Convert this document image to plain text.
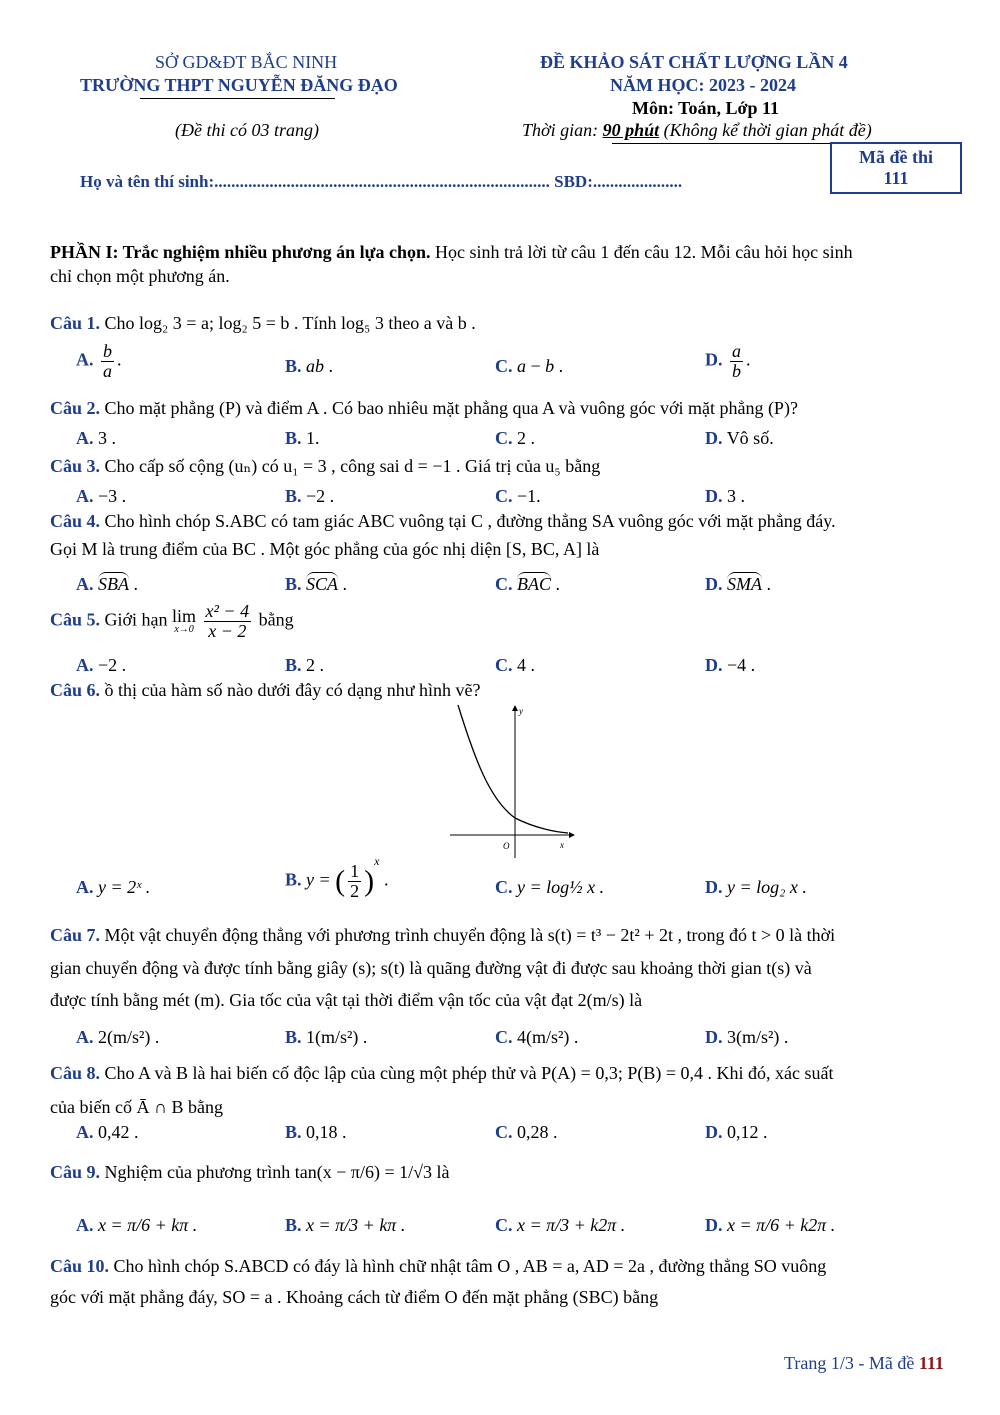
SỞ GD&ĐT BẮC NINH
TRƯỜNG THPT NGUYỄN ĐĂNG ĐẠO
(Đề thi có 03 trang)
ĐỀ KHẢO SÁT CHẤT LƯỢNG LẦN 4
NĂM HỌC: 2023 - 2024
Môn: Toán, Lớp 11
Thời gian: 90 phút (Không kể thời gian phát đề)
Họ và tên thí sinh:............................................................................... SBD:.....................
Mã đề thi
111
PHẦN I: Trắc nghiệm nhiều phương án lựa chọn. Học sinh trả lời từ câu 1 đến câu 12. Mỗi câu hỏi học sinh
chỉ chọn một phương án.
Câu 1. Cho log₂ 3 = a; log₂ 5 = b . Tính log₅ 3 theo a và b .
A. $\frac{b}{a}$ .	B. ab .	C. a − b .	D. $\frac{a}{b}$ .
Câu 2. Cho mặt phẳng (P) và điểm A . Có bao nhiêu mặt phẳng qua A và vuông góc với mặt phẳng (P)?
A. 3 .	B. 1.	C. 2 .	D. Vô số.
Câu 3. Cho cấp số cộng (uₙ) có u₁ = 3 , công sai d = −1 . Giá trị của u₅ bằng
A. −3 .	B. −2 .	C. −1.	D. 3 .
Câu 4. Cho hình chóp S.ABC có tam giác ABC vuông tại C , đường thẳng SA vuông góc với mặt phẳng đáy.
Gọi M là trung điểm của BC . Một góc phẳng của góc nhị diện [S, BC, A] là
A. SBA .	B. SCA .	C. BAC .	D. SMA .
Câu 5. Giới hạn lim
x→0
$\frac{\text{x² − 4}}{x - 2}$ bằng
A. −2 .	B. 2 .	C. 4 .	D. −4 .
Câu 6. ồ thị của hàm số nào dưới đây có dạng như hình vẽ?
y
x
O
A. y = 2ˣ .	B. y = ( $\frac{1}{2} )^x$ .	C. y = log½ x .	D. y = log₂ x .
Câu 7. Một vật chuyển động thẳng với phương trình chuyển động là s(t) = t³ − 2t² + 2t , trong đó t > 0 là thời
gian chuyển động và được tính bằng giây (s); s(t) là quãng đường vật đi được sau khoảng thời gian t(s) và
được tính bằng mét (m). Gia tốc của vật tại thời điểm vận tốc của vật đạt 2(m/s) là
A. 2(m/s²) .	B. 1(m/s²) .	C. 4(m/s²) .	D. 3(m/s²) .
Câu 8. Cho A và B là hai biến cố độc lập của cùng một phép thử và P(A) = 0,3; P(B) = 0,4 . Khi đó, xác suất
của biến cố Ā ∩ B bằng
A. 0,42 .	B. 0,18 .	C. 0,28 .	D. 0,12 .
Câu 9. Nghiệm của phương trình tan(x − π/6) = 1/√3 là
A. x = π/6 + kπ .	B. x = π/3 + kπ .	C. x = π/3 + k2π .	D. x = π/6 + k2π .
Câu 10. Cho hình chóp S.ABCD có đáy là hình chữ nhật tâm O , AB = a, AD = 2a , đường thẳng SO vuông
góc với mặt phẳng đáy, SO = a . Khoảng cách từ điểm O đến mặt phẳng (SBC) bằng
Trang 1/3 - Mã đề 111
